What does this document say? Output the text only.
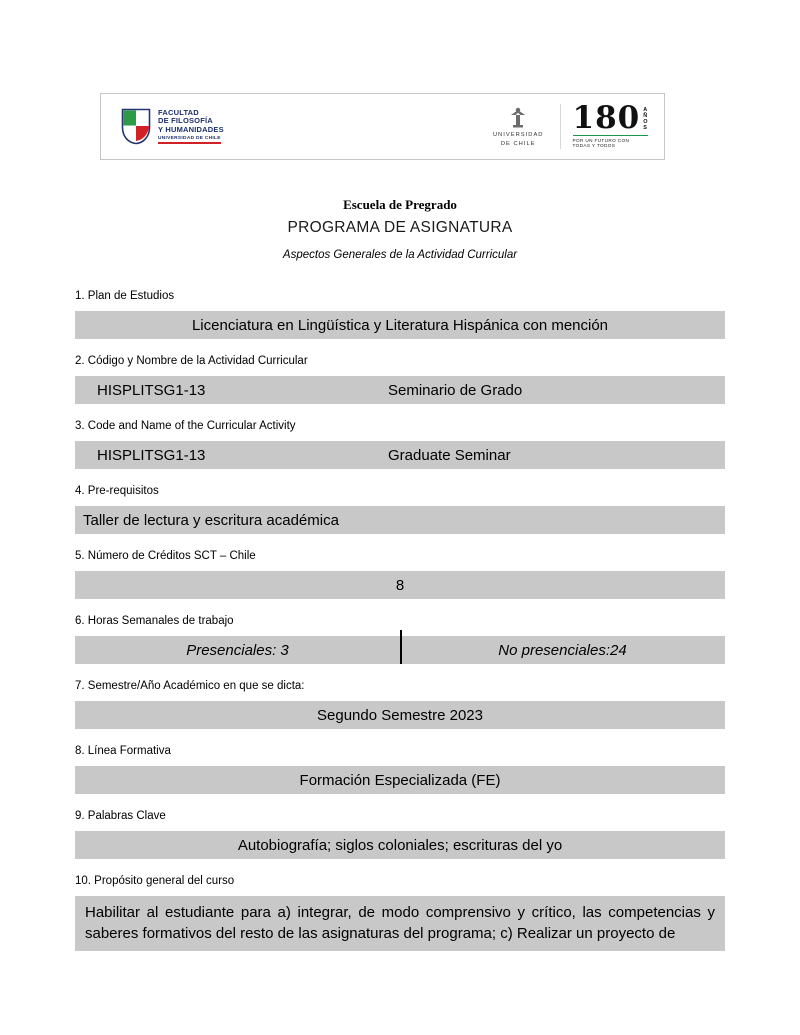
FACULTAD
DE FILOSOFÍA
Y HUMANIDADES
UNIVERSIDAD DE CHILE
UNIVERSIDAD
DE CHILE
180 A
Ñ
O
S
POR UN FUTURO CON
TODAS Y TODOS
Escuela de Pregrado
PROGRAMA DE ASIGNATURA
Aspectos Generales de la Actividad Curricular
1. Plan de Estudios
Licenciatura en Lingüística y Literatura Hispánica con mención
2. Código y Nombre de la Actividad Curricular
HISPLITSG1-13	Seminario de Grado
3. Code and Name of the Curricular Activity
HISPLITSG1-13	Graduate Seminar
4. Pre-requisitos
Taller de lectura y escritura académica
5. Número de Créditos SCT – Chile
8
6. Horas Semanales de trabajo
Presenciales: 3	No presenciales:24
7. Semestre/Año Académico en que se dicta:
Segundo Semestre 2023
8. Línea Formativa
Formación Especializada (FE)
9. Palabras Clave
Autobiografía; siglos coloniales; escrituras del yo
10. Propósito general del curso
Habilitar al estudiante para a) integrar, de modo comprensivo y crítico, las competencias y saberes formativos del resto de las asignaturas del programa; c) Realizar un proyecto de
